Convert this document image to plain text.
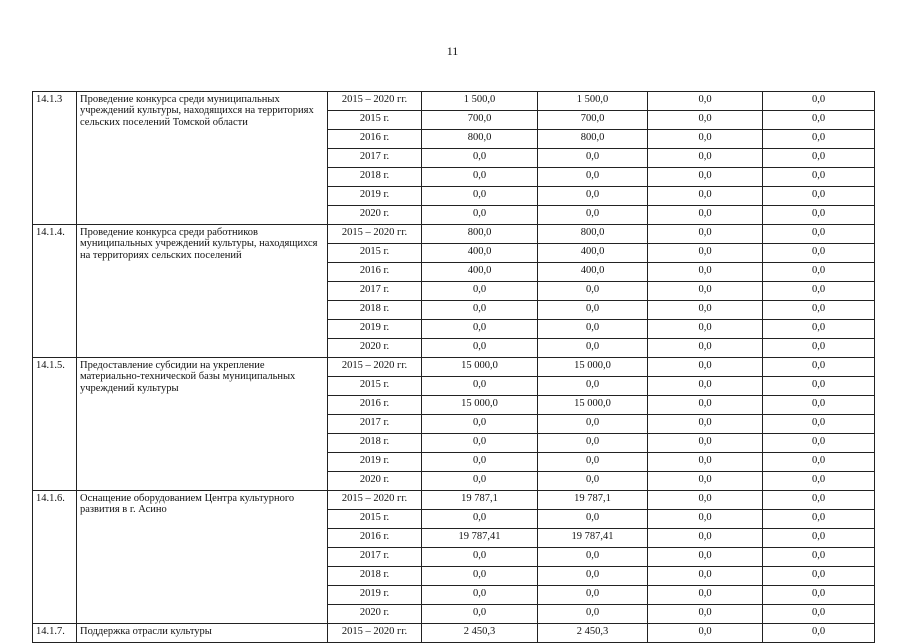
11
14.1.3	Проведение конкурса среди муниципальных учреждений культуры, находящихся на территориях сельских поселений Томской области	2015 – 2020 гг.	1 500,0	1 500,0	0,0	0,0
		2015 г.	700,0	700,0	0,0	0,0
		2016 г.	800,0	800,0	0,0	0,0
		2017 г.	0,0	0,0	0,0	0,0
		2018 г.	0,0	0,0	0,0	0,0
		2019 г.	0,0	0,0	0,0	0,0
		2020 г.	0,0	0,0	0,0	0,0
14.1.4.	Проведение конкурса среди работников муниципальных учреждений культуры, находящихся на территориях сельских поселений	2015 – 2020 гг.	800,0	800,0	0,0	0,0
		2015 г.	400,0	400,0	0,0	0,0
		2016 г.	400,0	400,0	0,0	0,0
		2017 г.	0,0	0,0	0,0	0,0
		2018 г.	0,0	0,0	0,0	0,0
		2019 г.	0,0	0,0	0,0	0,0
		2020 г.	0,0	0,0	0,0	0,0
14.1.5.	Предоставление субсидии на укрепление материально-технической базы муниципальных учреждений культуры	2015 – 2020 гг.	15 000,0	15 000,0	0,0	0,0
		2015 г.	0,0	0,0	0,0	0,0
		2016 г.	15 000,0	15 000,0	0,0	0,0
		2017 г.	0,0	0,0	0,0	0,0
		2018 г.	0,0	0,0	0,0	0,0
		2019 г.	0,0	0,0	0,0	0,0
		2020 г.	0,0	0,0	0,0	0,0
14.1.6.	Оснащение оборудованием Центра культурного развития в г. Асино	2015 – 2020 гг.	19 787,1	19 787,1	0,0	0,0
		2015 г.	0,0	0,0	0,0	0,0
		2016 г.	19 787,41	19 787,41	0,0	0,0
		2017 г.	0,0	0,0	0,0	0,0
		2018 г.	0,0	0,0	0,0	0,0
		2019 г.	0,0	0,0	0,0	0,0
		2020 г.	0,0	0,0	0,0	0,0
14.1.7.	Поддержка отрасли культуры	2015 – 2020 гг.	2 450,3	2 450,3	0,0	0,0
